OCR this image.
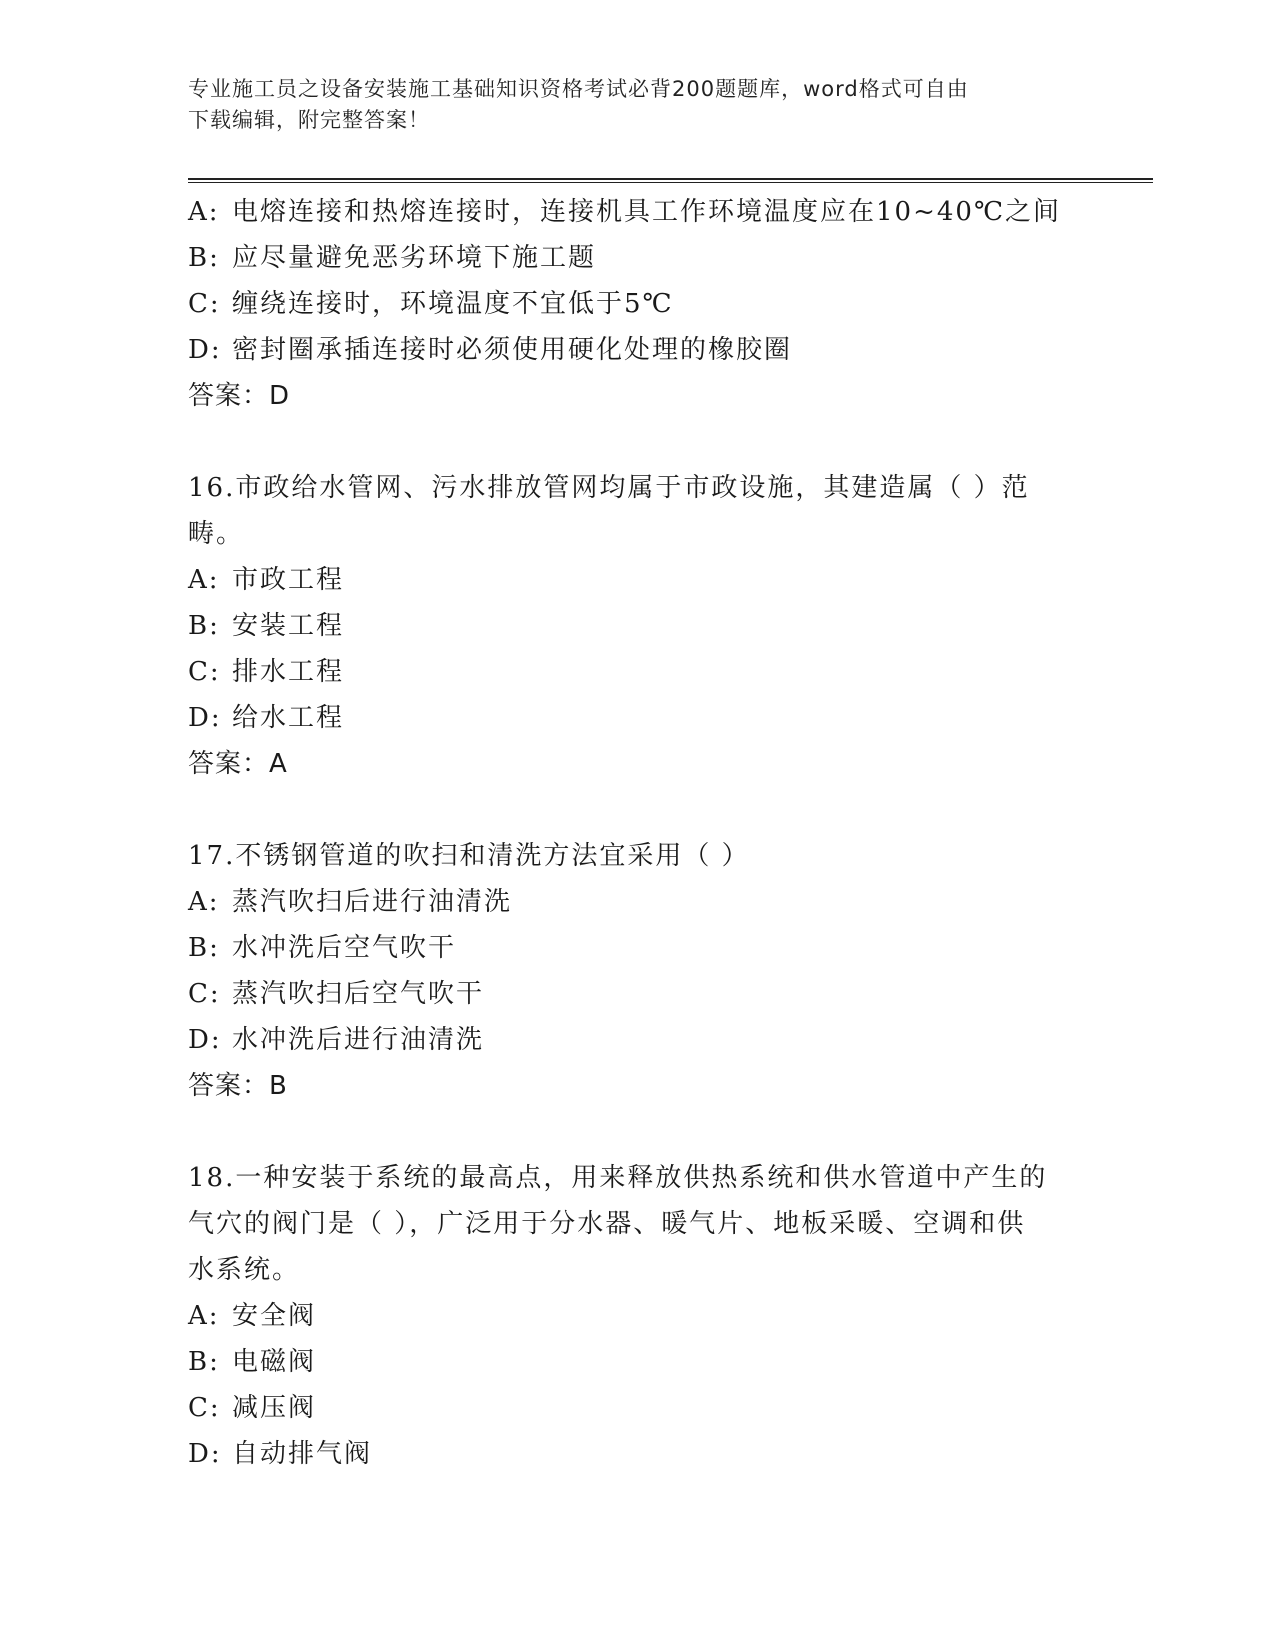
专业施工员之设备安装施工基础知识资格考试必背200题题库，word格式可自由
下载编辑，附完整答案！
A: 电熔连接和热熔连接时，连接机具工作环境温度应在10~40℃之间
B: 应尽量避免恶劣环境下施工题
C: 缠绕连接时，环境温度不宜低于5℃
D: 密封圈承插连接时必须使用硬化处理的橡胶圈
答案：D
16.市政给水管网、污水排放管网均属于市政设施，其建造属（ ）范
畴。
A: 市政工程
B: 安装工程
C: 排水工程
D: 给水工程
答案：A
17.不锈钢管道的吹扫和清洗方法宜采用（ ）
A: 蒸汽吹扫后进行油清洗
B: 水冲洗后空气吹干
C: 蒸汽吹扫后空气吹干
D: 水冲洗后进行油清洗
答案：B
18.一种安装于系统的最高点，用来释放供热系统和供水管道中产生的
气穴的阀门是（ ），广泛用于分水器、暖气片、地板采暖、空调和供
水系统。
A: 安全阀
B: 电磁阀
C: 减压阀
D: 自动排气阀
